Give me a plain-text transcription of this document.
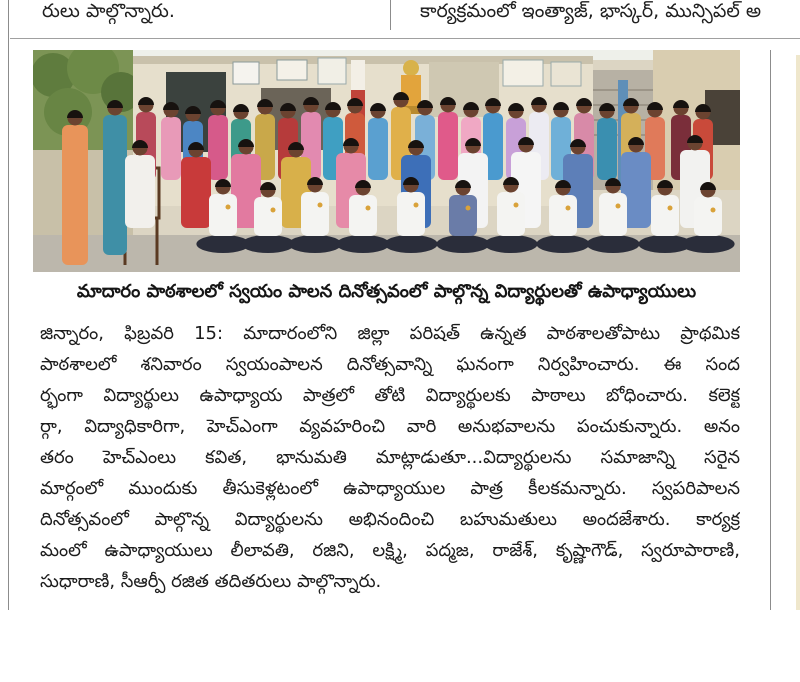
రులు పాల్గొన్నారు.	కార్యక్రమంలో ఇంత్యాజ్, భాస్కర్, మున్సిపల్ అ
మాదారం పాఠశాలలో స్వయం పాలన దినోత్సవంలో పాల్గొన్న విద్యార్థులతో ఉపాధ్యాయులు
జిన్నారం, ఫిబ్రవరి 15: మాదారంలోని జిల్లా పరిషత్ ఉన్నత పాఠశాలతోపాటు ప్రాథమిక
పాఠశాలలో శనివారం స్వయంపాలన దినోత్సవాన్ని ఘనంగా నిర్వహించారు. ఈ సంద
ర్భంగా విద్యార్థులు ఉపాధ్యాయ పాత్రలో తోటి విద్యార్థులకు పాఠాలు బోధించారు. కలెక్ట
ర్గా, విద్యాధికారిగా, హెచ్ఎంగా వ్యవహరించి వారి అనుభవాలను పంచుకున్నారు. అనం
తరం హెచ్ఎంలు కవిత, భానుమతి మాట్లాడుతూ...విద్యార్థులను సమాజాన్ని సరైన
మార్గంలో ముందుకు తీసుకెళ్లటంలో ఉపాధ్యాయుల పాత్ర కీలకమన్నారు. స్వపరిపాలన
దినోత్సవంలో పాల్గొన్న విద్యార్థులను అభినందించి బహుమతులు అందజేశారు. కార్యక్ర
మంలో ఉపాధ్యాయులు లీలావతి, రజిని, లక్ష్మి, పద్మజ, రాజేశ్, కృష్ణాగౌడ్, స్వరూపారాణి,
సుధారాణి, సీఆర్పీ రజిత తదితరులు పాల్గొన్నారు.
